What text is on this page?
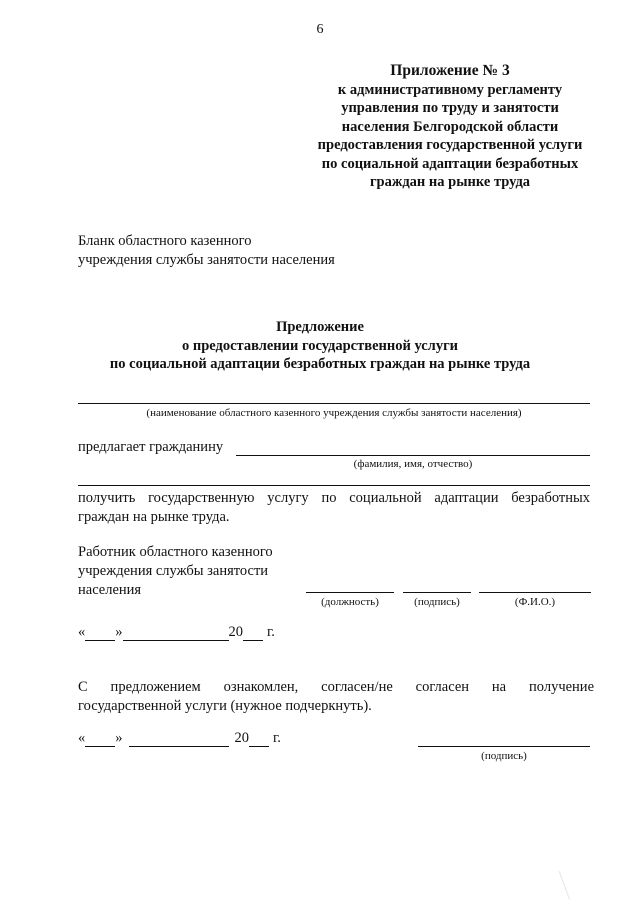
6
Приложение № 3
к административному регламенту
управления по труду и занятости
населения Белгородской области
предоставления государственной услуги
по социальной адаптации безработных
граждан на рынке труда
Бланк областного казенного
учреждения службы занятости населения
Предложение
о предоставлении государственной услуги
по социальной адаптации безработных граждан на рынке труда
(наименование областного казенного учреждения службы занятости населения)
предлагает гражданину
(фамилия, имя, отчество)
получить государственную услугу по социальной адаптации безработных
граждан на рынке труда.
Работник областного казенного
учреждения службы занятости
населения
(должность)	(подпись)	(Ф.И.О.)
« »	20 г.
С предложением ознакомлен, согласен/не согласен на получение
государственной услуги (нужное подчеркнуть).
« »	20 г.
(подпись)
